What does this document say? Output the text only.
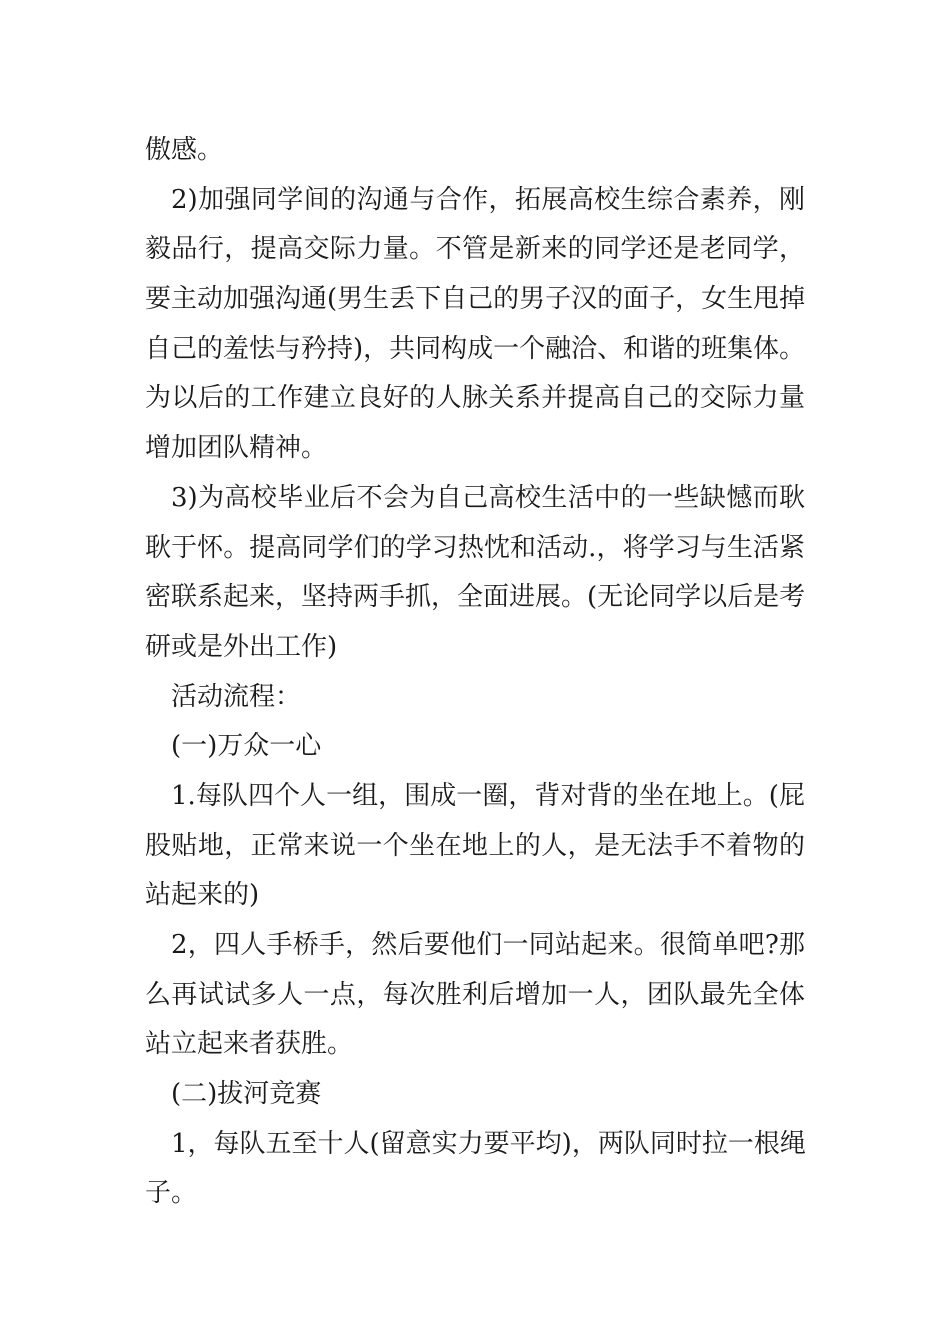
傲感。
2)加强同学间的沟通与合作，拓展高校生综合素养，刚
毅品行，提高交际力量。不管是新来的同学还是老同学，
要主动加强沟通(男生丢下自己的男子汉的面子，女生甩掉
自己的羞怯与矜持)，共同构成一个融洽、和谐的班集体。
为以后的工作建立良好的人脉关系并提高自己的交际力量
增加团队精神。
3)为高校毕业后不会为自己高校生活中的一些缺憾而耿
耿于怀。提高同学们的学习热忱和活动.，将学习与生活紧
密联系起来，坚持两手抓，全面进展。(无论同学以后是考
研或是外出工作)
活动流程：
(一)万众一心
1.每队四个人一组，围成一圈，背对背的坐在地上。(屁
股贴地，正常来说一个坐在地上的人，是无法手不着物的
站起来的)
2，四人手桥手，然后要他们一同站起来。很简单吧?那
么再试试多人一点，每次胜利后增加一人，团队最先全体
站立起来者获胜。
(二)拔河竞赛
1，每队五至十人(留意实力要平均)，两队同时拉一根绳
子。
